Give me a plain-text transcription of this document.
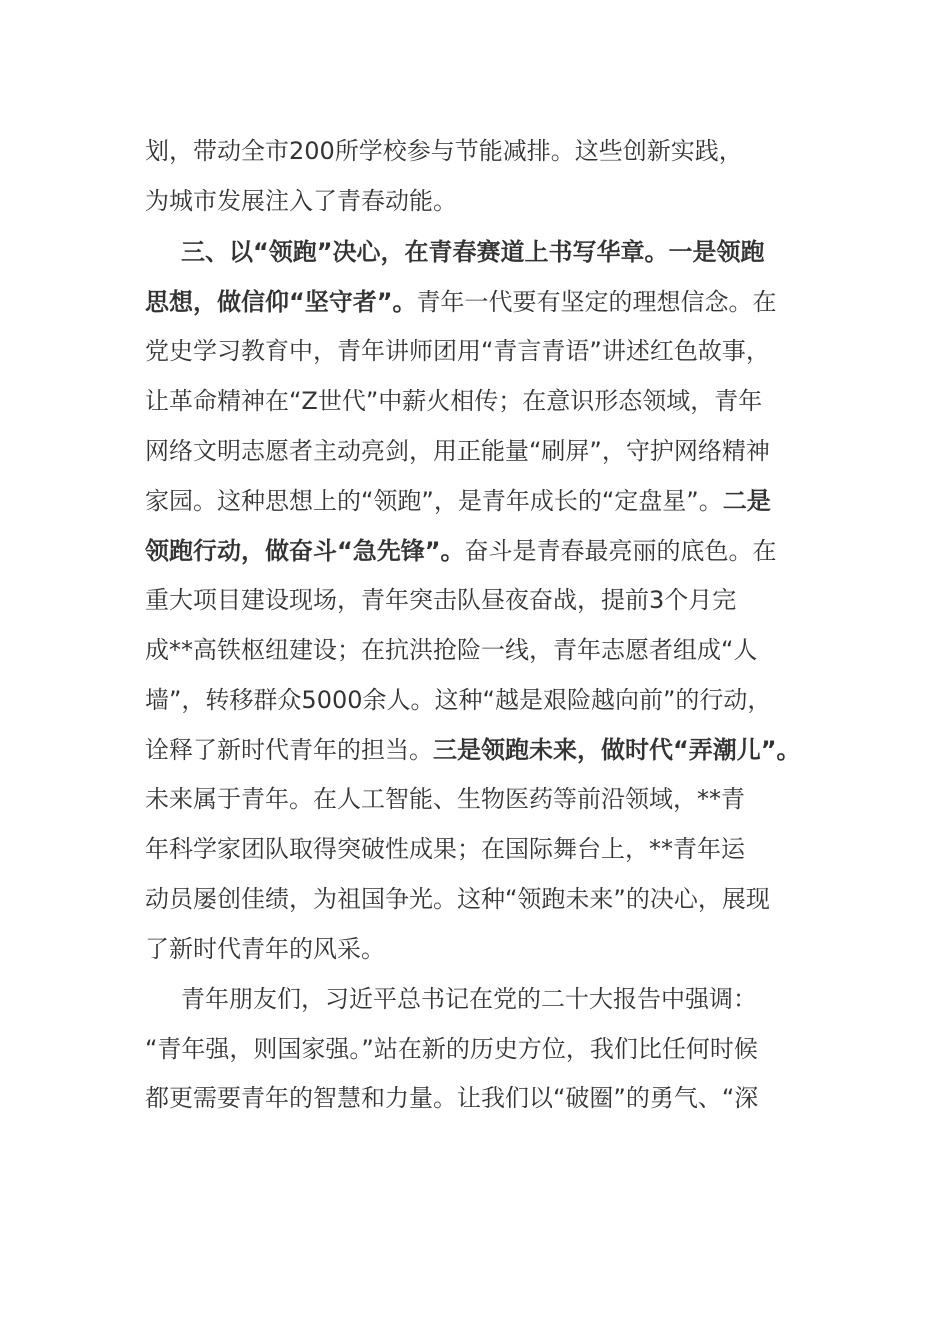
划，带动全市200所学校参与节能减排。这些创新实践，
为城市发展注入了青春动能。
三、以“领跑”决心，在青春赛道上书写华章。一是领跑
思想，做信仰“坚守者”。青年一代要有坚定的理想信念。在
党史学习教育中，青年讲师团用“青言青语”讲述红色故事，
让革命精神在“Z世代”中薪火相传；在意识形态领域，青年
网络文明志愿者主动亮剑，用正能量“刷屏”，守护网络精神
家园。这种思想上的“领跑”，是青年成长的“定盘星”。二是
领跑行动，做奋斗“急先锋”。奋斗是青春最亮丽的底色。在
重大项目建设现场，青年突击队昼夜奋战，提前3个月完
成**高铁枢纽建设；在抗洪抢险一线，青年志愿者组成“人
墙”，转移群众5000余人。这种“越是艰险越向前”的行动，
诠释了新时代青年的担当。三是领跑未来，做时代“弄潮儿”。
未来属于青年。在人工智能、生物医药等前沿领域，**青
年科学家团队取得突破性成果；在国际舞台上，**青年运
动员屡创佳绩，为祖国争光。这种“领跑未来”的决心，展现
了新时代青年的风采。
青年朋友们，习近平总书记在党的二十大报告中强调：
“青年强，则国家强。”站在新的历史方位，我们比任何时候
都更需要青年的智慧和力量。让我们以“破圈”的勇气、“深
